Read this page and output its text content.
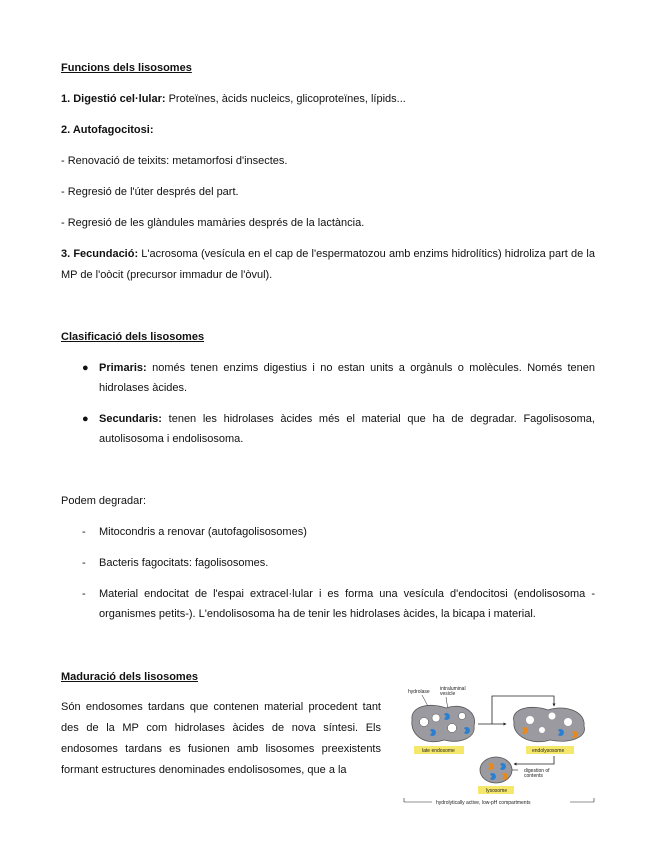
Funcions dels lisosomes

1. Digestió cel·lular: Proteïnes, àcids nucleics, glicoproteïnes, lípids...

2. Autofagocitosi:

- Renovació de teixits: metamorfosi d'insectes.

- Regresió de l'úter després del part.

- Regresió de les glàndules mamàries després de la lactància.

3. Fecundació: L'acrosoma (vesícula en el cap de l'espermatozou amb enzims hidrolítics) hidroliza part de la MP de l'oòcit (precursor immadur de l'òvul).

Clasificació dels lisosomes

● Primaris: només tenen enzims digestius i no estan units a orgànuls o molècules. Només tenen hidrolases àcides.

● Secundaris: tenen les hidrolases àcides més el material que ha de degradar. Fagolisosoma, autolisosoma i endolisosoma.

Podem degradar:

- Mitocondris a renovar (autofagolisosomes)

- Bacteris fagocitats: fagolisosomes.

- Material endocitat de l'espai extracel·lular i es forma una vesícula d'endocitosi (endolisosoma -organismes petits-). L'endolisosoma ha de tenir les hidrolases àcides, la bicapa i material.

Maduració dels lisosomes

Són endosomes tardans que contenen material procedent tant des de la MP com hidrolases àcides de nova síntesi. Els endosomes tardans es fusionen amb lisosomes preexistents formant estructures denominades endolisosomes, que a la

hydrolase intraluminal
vesicle
late endosome	endolysosome
digestion of
contents
lysosome
hydrolytically active, low-pH compartments
